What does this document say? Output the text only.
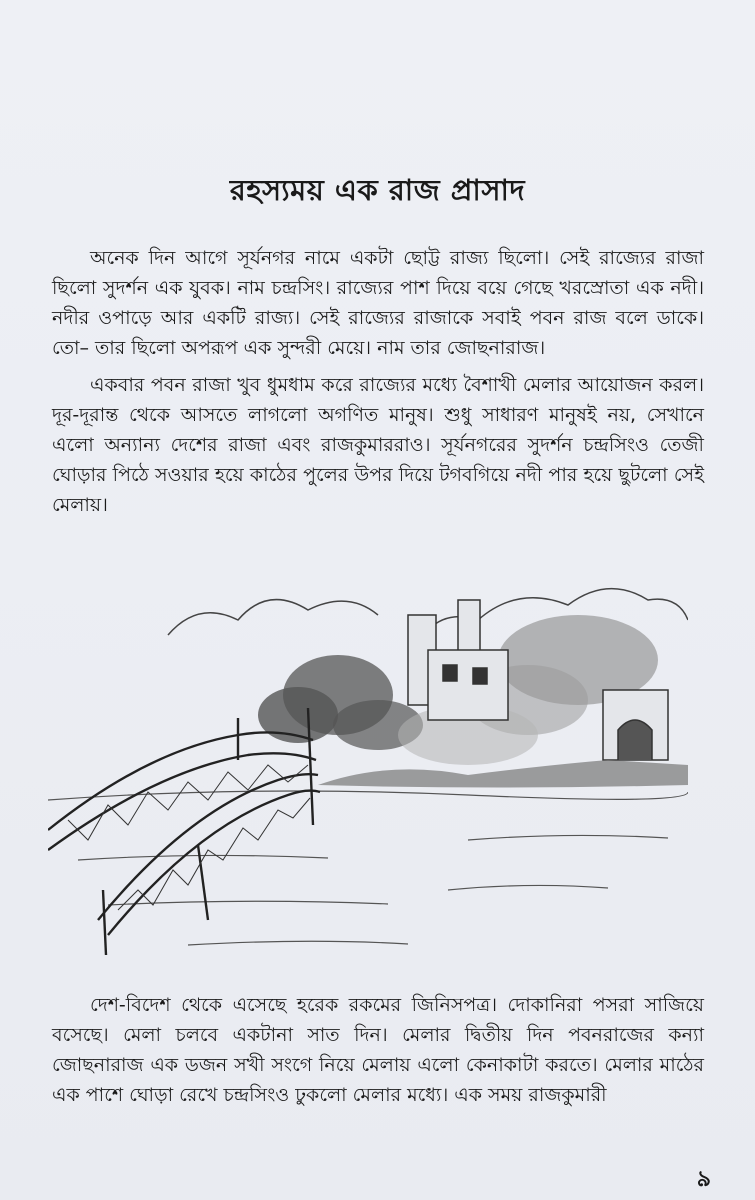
রহস্যময় এক রাজ প্রাসাদ

অনেক দিন আগে সূর্যনগর নামে একটা ছোট্ট রাজ্য ছিলো। সেই রাজ্যের রাজা ছিলো সুদর্শন এক যুবক। নাম চন্দ্রসিং। রাজ্যের পাশ দিয়ে বয়ে গেছে খরস্রোতা এক নদী। নদীর ওপাড়ে আর একটি রাজ্য। সেই রাজ্যের রাজাকে সবাই পবন রাজ বলে ডাকে। তো– তার ছিলো অপরূপ এক সুন্দরী মেয়ে। নাম তার জোছনারাজ।

একবার পবন রাজা খুব ধুমধাম করে রাজ্যের মধ্যে বৈশাখী মেলার আয়োজন করল। দূর-দূরান্ত থেকে আসতে লাগলো অগণিত মানুষ। শুধু সাধারণ মানুষই নয়, সেখানে এলো অন্যান্য দেশের রাজা এবং রাজকুমাররাও। সূর্যনগরের সুদর্শন চন্দ্রসিংও তেজী ঘোড়ার পিঠে সওয়ার হয়ে কাঠের পুলের উপর দিয়ে টগবগিয়ে নদী পার হয়ে ছুটলো সেই মেলায়।

দেশ-বিদেশ থেকে এসেছে হরেক রকমের জিনিসপত্র। দোকানিরা পসরা সাজিয়ে বসেছে। মেলা চলবে একটানা সাত দিন। মেলার দ্বিতীয় দিন পবনরাজের কন্যা জোছনারাজ এক ডজন সখী সংগে নিয়ে মেলায় এলো কেনাকাটা করতে। মেলার মাঠের এক পাশে ঘোড়া রেখে চন্দ্রসিংও ঢুকলো মেলার মধ্যে। এক সময় রাজকুমারী

৯
